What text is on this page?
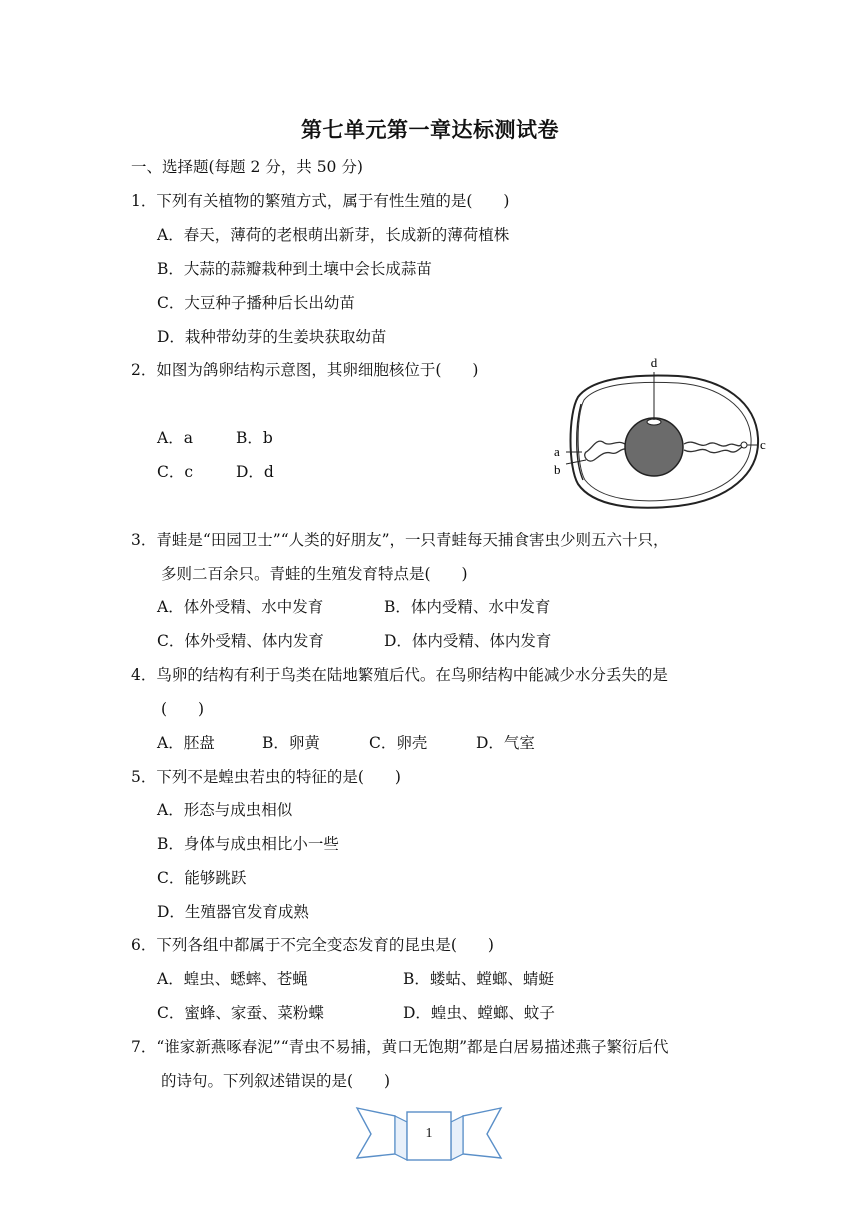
第七单元第一章达标测试卷
一、选择题(每题 2 分，共 50 分)
1．下列有关植物的繁殖方式，属于有性生殖的是(　　)
A．春天，薄荷的老根萌出新芽，长成新的薄荷植株
B．大蒜的蒜瓣栽种到土壤中会长成蒜苗
C．大豆种子播种后长出幼苗
D．栽种带幼芽的生姜块获取幼苗
2．如图为鸽卵结构示意图，其卵细胞核位于(　　)
A．a	B．b
C．c	D．d
d
a
b
c
3．青蛙是“田园卫士”“人类的好朋友”，一只青蛙每天捕食害虫少则五六十只，
多则二百余只。青蛙的生殖发育特点是(　　)
A．体外受精、水中发育	B．体内受精、水中发育
C．体外受精、体内发育	D．体内受精、体内发育
4．鸟卵的结构有利于鸟类在陆地繁殖后代。在鸟卵结构中能减少水分丢失的是
(　　)
A．胚盘	B．卵黄	C．卵壳	D．气室
5．下列不是蝗虫若虫的特征的是(　　)
A．形态与成虫相似
B．身体与成虫相比小一些
C．能够跳跃
D．生殖器官发育成熟
6．下列各组中都属于不完全变态发育的昆虫是(　　)
A．蝗虫、蟋蟀、苍蝇	B．蝼蛄、螳螂、蜻蜓
C．蜜蜂、家蚕、菜粉蝶	D．蝗虫、螳螂、蚊子
7．“谁家新燕啄春泥”“青虫不易捕，黄口无饱期”都是白居易描述燕子繁衍后代
的诗句。下列叙述错误的是(　　)
1
